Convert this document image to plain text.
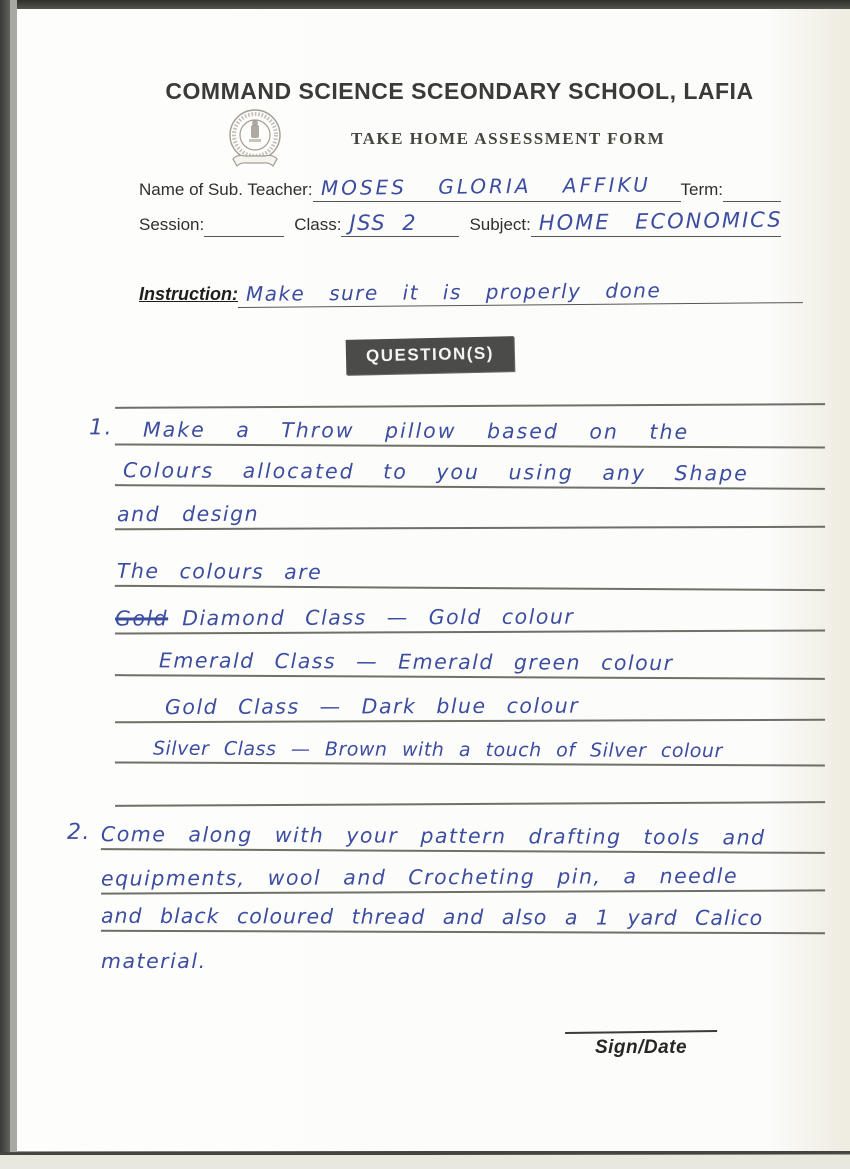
COMMAND SCIENCE SCEONDARY SCHOOL, LAFIA
TAKE HOME ASSESSMENT FORM
Name of Sub. Teacher: MOSES GLORIA AFFIKU Term:
Session:	Class: JSS 2	Subject: HOME ECONOMICS
Instruction: Make sure it is properly done
QUESTION(S)
1. Make a Throw pillow based on the
Colours allocated to you using any Shape
and design
The colours are
Gold Diamond Class — Gold colour
Emerald Class — Emerald green colour
Gold Class — Dark blue colour
Silver Class — Brown with a touch of Silver colour
2. Come along with your pattern drafting tools and
equipments, wool and Crocheting pin, a needle
and black coloured thread and also a 1 yard Calico
material.
Sign/Date
